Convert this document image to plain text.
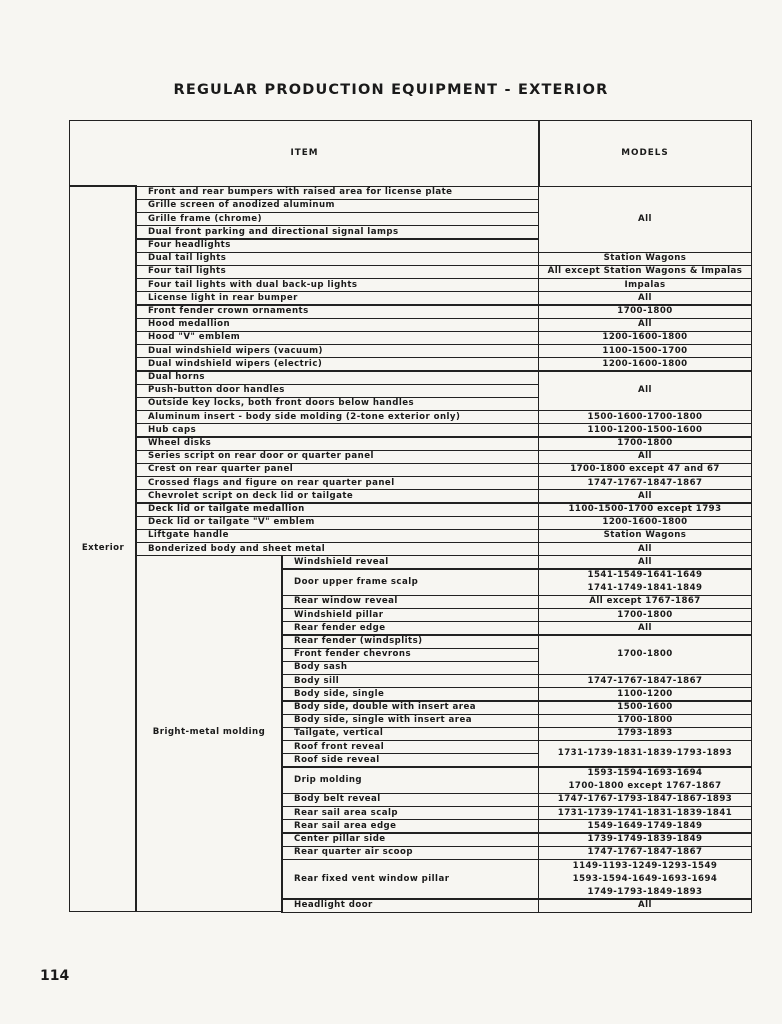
REGULAR PRODUCTION EQUIPMENT - EXTERIOR
ITEM	MODELS
Exterior
Bright-metal molding
Front and rear bumpers with raised area for license plate
Grille screen of anodized aluminum
Grille frame (chrome)
Dual front parking and directional signal lamps
Four headlights
Dual tail lights
Four tail lights
Four tail lights with dual back-up lights
License light in rear bumper
Front fender crown ornaments
Hood medallion
Hood "V" emblem
Dual windshield wipers (vacuum)
Dual windshield wipers (electric)
Dual horns
Push-button door handles
Outside key locks, both front doors below handles
Aluminum insert - body side molding (2-tone exterior only)
Hub caps
Wheel disks
Series script on rear door or quarter panel
Crest on rear quarter panel
Crossed flags and figure on rear quarter panel
Chevrolet script on deck lid or tailgate
Deck lid or tailgate medallion
Deck lid or tailgate "V" emblem
Liftgate handle
Bonderized body and sheet metal
All
Station Wagons
All except Station Wagons & Impalas
Impalas
All
1700-1800
All
1200-1600-1800
1100-1500-1700
1200-1600-1800
All
1500-1600-1700-1800
1100-1200-1500-1600
1700-1800
All
1700-1800 except 47 and 67
1747-1767-1847-1867
All
1100-1500-1700 except 1793
1200-1600-1800
Station Wagons
All
Windshield reveal
Door upper frame scalp
Rear window reveal
Windshield pillar
Rear fender edge
Rear fender (windsplits)
Front fender chevrons
Body sash
Body sill
Body side, single
Body side, double with insert area
Body side, single with insert area
Tailgate, vertical
Roof front reveal
Roof side reveal
Drip molding
Body belt reveal
Rear sail area scalp
Rear sail area edge
Center pillar side
Rear quarter air scoop
Rear fixed vent window pillar
Headlight door
All
1541-1549-1641-1649
1741-1749-1841-1849
All except 1767-1867
1700-1800
All
1700-1800
1747-1767-1847-1867
1100-1200
1500-1600
1700-1800
1793-1893
1731-1739-1831-1839-1793-1893
1593-1594-1693-1694
1700-1800 except 1767-1867
1747-1767-1793-1847-1867-1893
1731-1739-1741-1831-1839-1841
1549-1649-1749-1849
1739-1749-1839-1849
1747-1767-1847-1867
1149-1193-1249-1293-1549
1593-1594-1649-1693-1694
1749-1793-1849-1893
All
114
